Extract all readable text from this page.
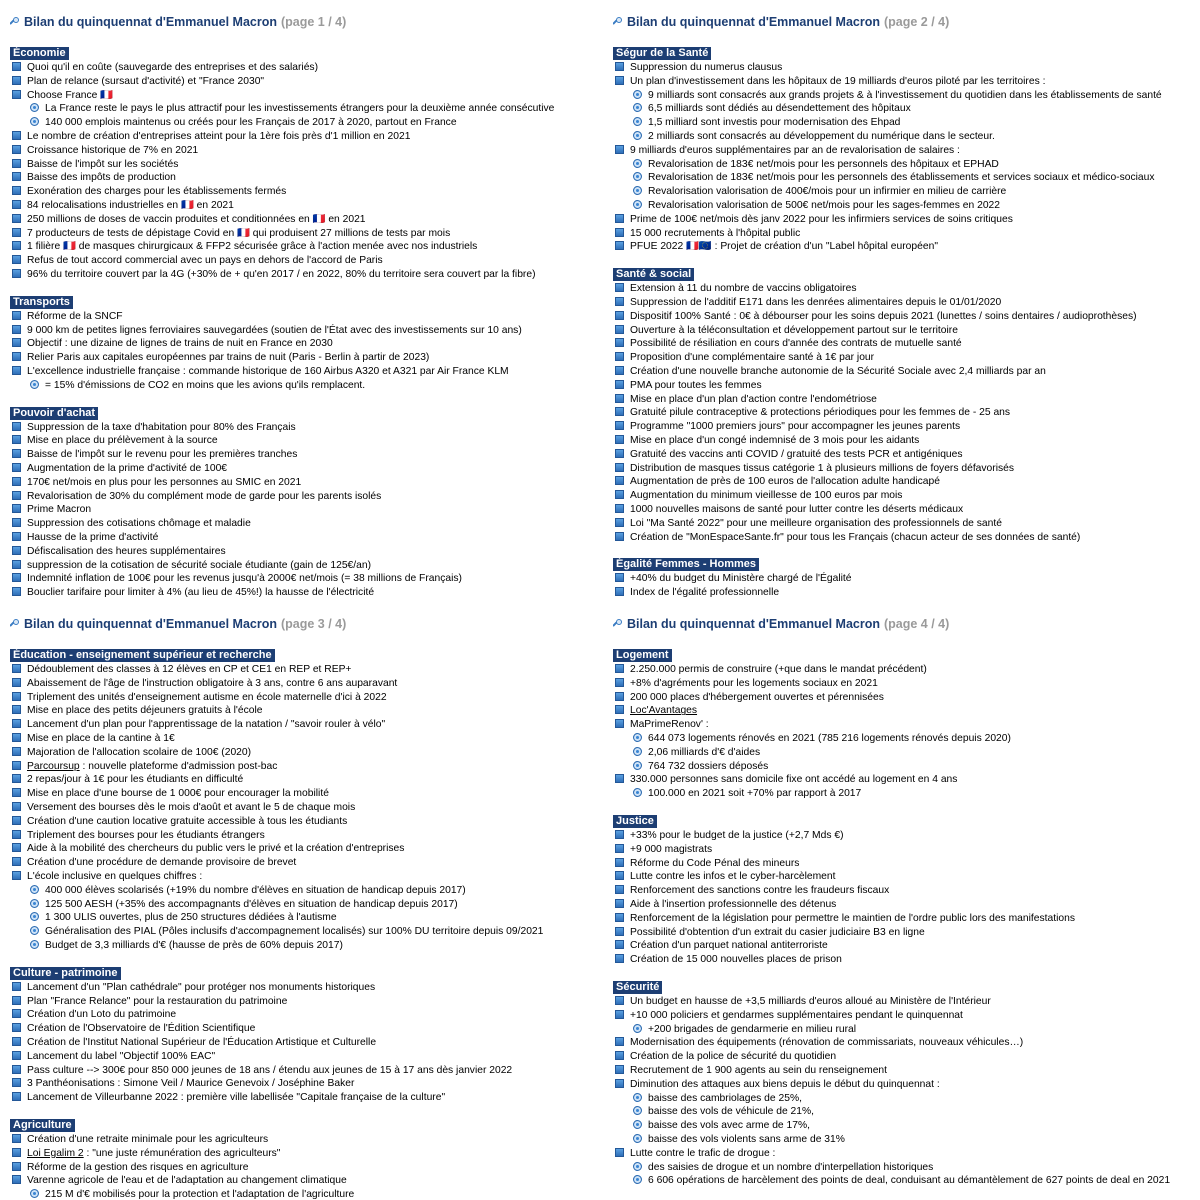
Bilan du quinquennat d'Emmanuel Macron (page 1 / 4)
Économie
Quoi qu'il en coûte (sauvegarde des entreprises et des salariés)
Plan de relance (sursaut d'activité) et "France 2030"
Choose France 🇫🇷
La France reste le pays le plus attractif pour les investissements étrangers pour la deuxième année consécutive
140 000 emplois maintenus ou créés pour les Français de 2017 à 2020, partout en France
Le nombre de création d'entreprises atteint pour la 1ère fois près d'1 million en 2021
Croissance historique de 7% en 2021
Baisse de l'impôt sur les sociétés
Baisse des impôts de production
Exonération des charges pour les établissements fermés
84 relocalisations industrielles en 🇫🇷 en 2021
250 millions de doses de vaccin produites et conditionnées en 🇫🇷 en 2021
7 producteurs de tests de dépistage Covid en 🇫🇷 qui produisent 27 millions de tests par mois
1 filière 🇫🇷 de masques chirurgicaux & FFP2 sécurisée grâce à l'action menée avec nos industriels
Refus de tout accord commercial avec un pays en dehors de l'accord de Paris
96% du territoire couvert par la 4G (+30% de + qu'en 2017 / en 2022, 80% du territoire sera couvert par la fibre)
Transports
Réforme de la SNCF
9 000 km de petites lignes ferroviaires sauvegardées (soutien de l'État avec des investissements sur 10 ans)
Objectif : une dizaine de lignes de trains de nuit en France en 2030
Relier Paris aux capitales européennes par trains de nuit (Paris - Berlin à partir de 2023)
L'excellence industrielle française : commande historique de 160 Airbus A320 et A321 par Air France KLM
= 15% d'émissions de CO2 en moins que les avions qu'ils remplacent.
Pouvoir d'achat
Suppression de la taxe d'habitation pour 80% des Français
Mise en place du prélèvement à la source
Baisse de l'impôt sur le revenu pour les premières tranches
Augmentation de la prime d'activité de 100€
170€ net/mois en plus pour les personnes au SMIC en 2021
Revalorisation de 30% du complément mode de garde pour les parents isolés
Prime Macron
Suppression des cotisations chômage et maladie
Hausse de la prime d'activité
Défiscalisation des heures supplémentaires
suppression de la cotisation de sécurité sociale étudiante (gain de 125€/an)
Indemnité inflation de 100€ pour les revenus jusqu'à 2000€ net/mois (= 38 millions de Français)
Bouclier tarifaire pour limiter à 4% (au lieu de 45%!) la hausse de l'électricité
Bilan du quinquennat d'Emmanuel Macron (page 2 / 4)
Ségur de la Santé
Suppression du numerus clausus
Un plan d'investissement dans les hôpitaux de 19 milliards d'euros piloté par les territoires :
9 milliards sont consacrés aux grands projets & à l'investissement du quotidien dans les établissements de santé
6,5 milliards sont dédiés au désendettement des hôpitaux
1,5 milliard sont investis pour modernisation des Ehpad
2 milliards sont consacrés au développement du numérique dans le secteur.
9 milliards d'euros supplémentaires par an de revalorisation de salaires :
Revalorisation de 183€ net/mois pour les personnels des hôpitaux et EPHAD
Revalorisation de 183€ net/mois pour les personnels des établissements et services sociaux et médico-sociaux
Revalorisation valorisation de 400€/mois pour un infirmier en milieu de carrière
Revalorisation valorisation de 500€ net/mois pour les sages-femmes en 2022
Prime de 100€ net/mois dès janv 2022 pour les infirmiers services de soins critiques
15 000 recrutements à l'hôpital public
PFUE 2022 🇫🇷🇪🇺 : Projet de création d'un "Label hôpital européen"
Santé & social
Extension à 11 du nombre de vaccins obligatoires
Suppression de l'additif E171 dans les denrées alimentaires depuis le 01/01/2020
Dispositif 100% Santé : 0€ à débourser pour les soins depuis 2021 (lunettes / soins dentaires / audioprothèses)
Ouverture à la téléconsultation et développement partout sur le territoire
Possibilité de résiliation en cours d'année des contrats de mutuelle santé
Proposition d'une complémentaire santé à 1€ par jour
Création d'une nouvelle branche autonomie de la Sécurité Sociale avec 2,4 milliards par an
PMA pour toutes les femmes
Mise en place d'un plan d'action contre l'endométriose
Gratuité pilule contraceptive & protections périodiques pour les femmes de - 25 ans
Programme "1000 premiers jours" pour accompagner les jeunes parents
Mise en place d'un congé indemnisé de 3 mois pour les aidants
Gratuité des vaccins anti COVID / gratuité des tests PCR et antigéniques
Distribution de masques tissus catégorie 1 à plusieurs millions de foyers défavorisés
Augmentation de près de 100 euros de l'allocation adulte handicapé
Augmentation du minimum vieillesse de 100 euros par mois
1000 nouvelles maisons de santé pour lutter contre les déserts médicaux
Loi "Ma Santé 2022" pour une meilleure organisation des professionnels de santé
Création de "MonEspaceSante.fr" pour tous les Français (chacun acteur de ses données de santé)
Égalité Femmes - Hommes
+40% du budget du Ministère chargé de l'Égalité
Index de l'égalité professionnelle
Bilan du quinquennat d'Emmanuel Macron (page 3 / 4)
Éducation - enseignement supérieur et recherche
Dédoublement des classes à 12 élèves en CP et CE1 en REP et REP+
Abaissement de l'âge de l'instruction obligatoire à 3 ans, contre 6 ans auparavant
Triplement des unités d'enseignement autisme en école maternelle d'ici à 2022
Mise en place des petits déjeuners gratuits à l'école
Lancement d'un plan pour l'apprentissage de la natation / "savoir rouler à vélo"
Mise en place de la cantine à 1€
Majoration de l'allocation scolaire de 100€ (2020)
Parcoursup : nouvelle plateforme d'admission post-bac
2 repas/jour à 1€ pour les étudiants en difficulté
Mise en place d'une bourse de 1 000€ pour encourager la mobilité
Versement des bourses dès le mois d'août et avant le 5 de chaque mois
Création d'une caution locative gratuite accessible à tous les étudiants
Triplement des bourses pour les étudiants étrangers
Aide à la mobilité des chercheurs du public vers le privé et la création d'entreprises
Création d'une procédure de demande provisoire de brevet
L'école inclusive en quelques chiffres :
400 000 élèves scolarisés (+19% du nombre d'élèves en situation de handicap depuis 2017)
125 500 AESH (+35% des accompagnants d'élèves en situation de handicap depuis 2017)
1 300 ULIS ouvertes, plus de 250 structures dédiées à l'autisme
Généralisation des PIAL (Pôles inclusifs d'accompagnement localisés) sur 100% DU territoire depuis 09/2021
Budget de 3,3 milliards d'€ (hausse de près de 60% depuis 2017)
Culture - patrimoine
Lancement d'un "Plan cathédrale" pour protéger nos monuments historiques
Plan "France Relance" pour la restauration du patrimoine
Création d'un Loto du patrimoine
Création de l'Observatoire de l'Édition Scientifique
Création de l'Institut National Supérieur de l'Éducation Artistique et Culturelle
Lancement du label "Objectif 100% EAC"
Pass culture --> 300€ pour 850 000 jeunes de 18 ans / étendu aux jeunes de 15 à 17 ans dès janvier 2022
3 Panthéonisations : Simone Veil / Maurice Genevoix / Joséphine Baker
Lancement de Villeurbanne 2022 : première ville labellisée "Capitale française de la culture"
Agriculture
Création d'une retraite minimale pour les agriculteurs
Loi Egalim 2 : "une juste rémunération des agriculteurs"
Réforme de la gestion des risques en agriculture
Varenne agricole de l'eau et de l'adaptation au changement climatique
215 M d'€ mobilisés pour la protection et l'adaptation de l'agriculture
Bilan du quinquennat d'Emmanuel Macron (page 4 / 4)
Logement
2.250.000 permis de construire (+que dans le mandat précédent)
+8% d'agréments pour les logements sociaux en 2021
200 000 places d'hébergement ouvertes et pérennisées
Loc'Avantages
MaPrimeRenov' :
644 073 logements rénovés en 2021 (785 216 logements rénovés depuis 2020)
2,06 milliards d'€ d'aides
764 732 dossiers déposés
330.000 personnes sans domicile fixe ont accédé au logement en 4 ans
100.000 en 2021 soit +70% par rapport à 2017
Justice
+33% pour le budget de la justice (+2,7 Mds €)
+9 000 magistrats
Réforme du Code Pénal des mineurs
Lutte contre les infos et le cyber-harcèlement
Renforcement des sanctions contre les fraudeurs fiscaux
Aide à l'insertion professionnelle des détenus
Renforcement de la législation pour permettre le maintien de l'ordre public lors des manifestations
Possibilité d'obtention d'un extrait du casier judiciaire B3 en ligne
Création d'un parquet national antiterroriste
Création de 15 000 nouvelles places de prison
Sécurité
Un budget en hausse de +3,5 milliards d'euros alloué au Ministère de l'Intérieur
+10 000 policiers et gendarmes supplémentaires pendant le quinquennat
+200 brigades de gendarmerie en milieu rural
Modernisation des équipements (rénovation de commissariats, nouveaux véhicules…)
Création de la police de sécurité du quotidien
Recrutement de 1 900 agents au sein du renseignement
Diminution des attaques aux biens depuis le début du quinquennat :
baisse des cambriolages de 25%,
baisse des vols de véhicule de 21%,
baisse des vols avec arme de 17%,
baisse des vols violents sans arme de 31%
Lutte contre le trafic de drogue :
des saisies de drogue et un nombre d'interpellation historiques
6 606 opérations de harcèlement des points de deal, conduisant au démantèlement de 627 points de deal en 2021
